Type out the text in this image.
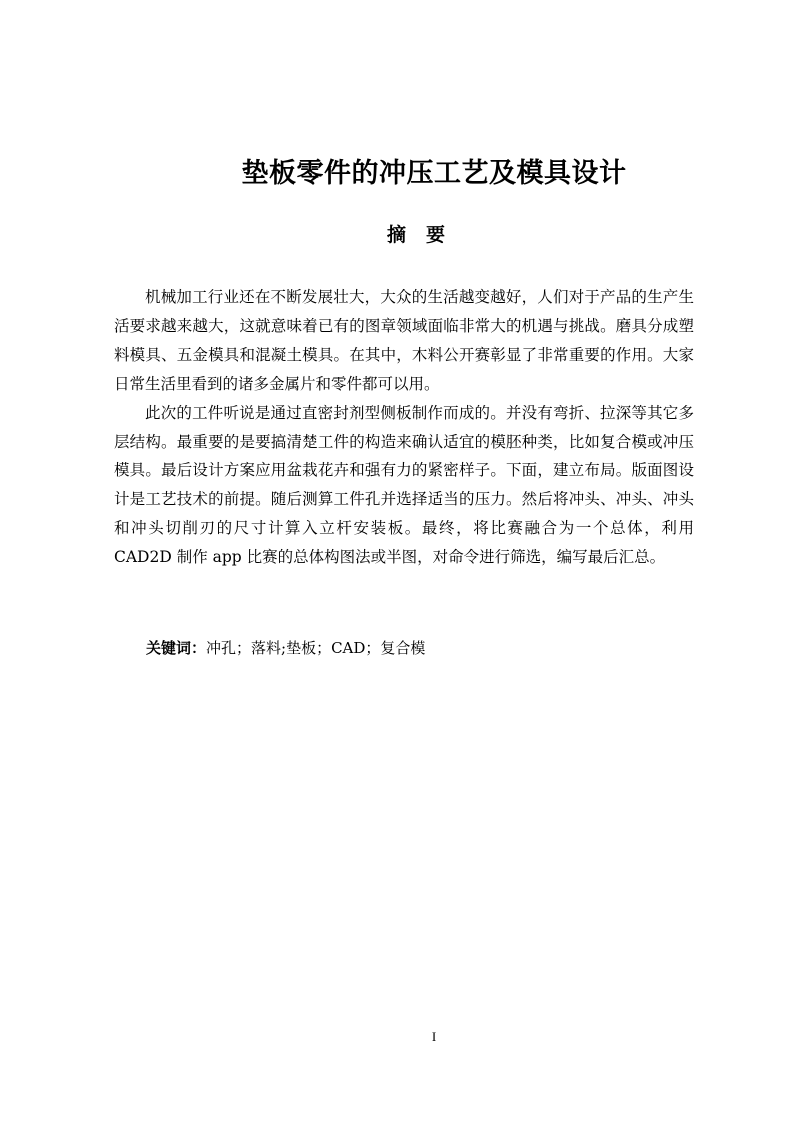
垫板零件的冲压工艺及模具设计
摘要

机械加工行业还在不断发展壮大，大众的生活越变越好，人们对于产品的生产生活要求越来越大，这就意味着已有的图章领域面临非常大的机遇与挑战。磨具分成塑料模具、五金模具和混凝土模具。在其中，木料公开赛彰显了非常重要的作用。大家日常生活里看到的诸多金属片和零件都可以用。

此次的工件听说是通过直密封剂型侧板制作而成的。并没有弯折、拉深等其它多层结构。最重要的是要搞清楚工件的构造来确认适宜的模胚种类，比如复合模或冲压模具。最后设计方案应用盆栽花卉和强有力的紧密样子。下面，建立布局。版面图设计是工艺技术的前提。随后测算工件孔并选择适当的压力。然后将冲头、冲头、冲头和冲头切削刃的尺寸计算入立杆安装板。最终，将比赛融合为一个总体，利用 CAD2D 制作 app 比赛的总体构图法或半图，对命令进行筛选，编写最后汇总。

关键词：冲孔；落料;垫板；CAD；复合模
I
